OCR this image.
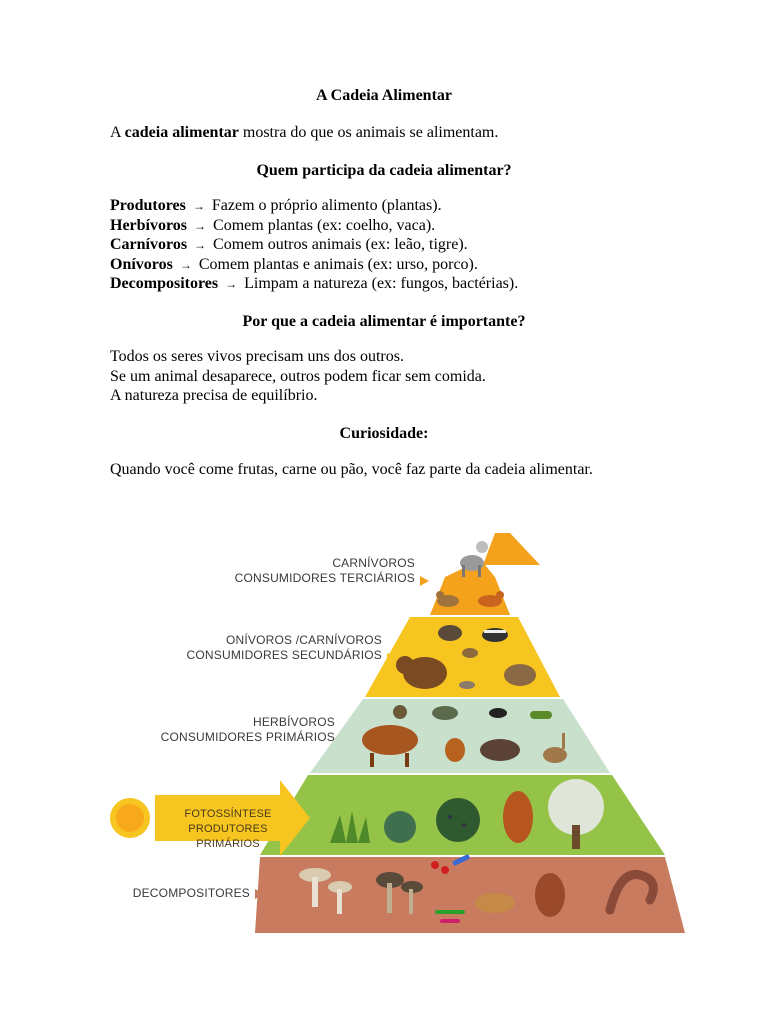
A Cadeia Alimentar
A cadeia alimentar mostra do que os animais se alimentam.
Quem participa da cadeia alimentar?
Produtores → Fazem o próprio alimento (plantas).
Herbívoros → Comem plantas (ex: coelho, vaca).
Carnívoros → Comem outros animais (ex: leão, tigre).
Onívoros → Comem plantas e animais (ex: urso, porco).
Decompositores → Limpam a natureza (ex: fungos, bactérias).
Por que a cadeia alimentar é importante?
Todos os seres vivos precisam uns dos outros.
Se um animal desaparece, outros podem ficar sem comida.
A natureza precisa de equilíbrio.
Curiosidade:
Quando você come frutas, carne ou pão, você faz parte da cadeia alimentar.
CARNÍVOROS
CONSUMIDORES TERCIÁRIOS
ONÍVOROS /CARNÍVOROS
CONSUMIDORES SECUNDÁRIOS
HERBÍVOROS
CONSUMIDORES PRIMÁRIOS
FOTOSSÍNTESE
PRODUTORES PRIMÁRIOS
DECOMPOSITORES
